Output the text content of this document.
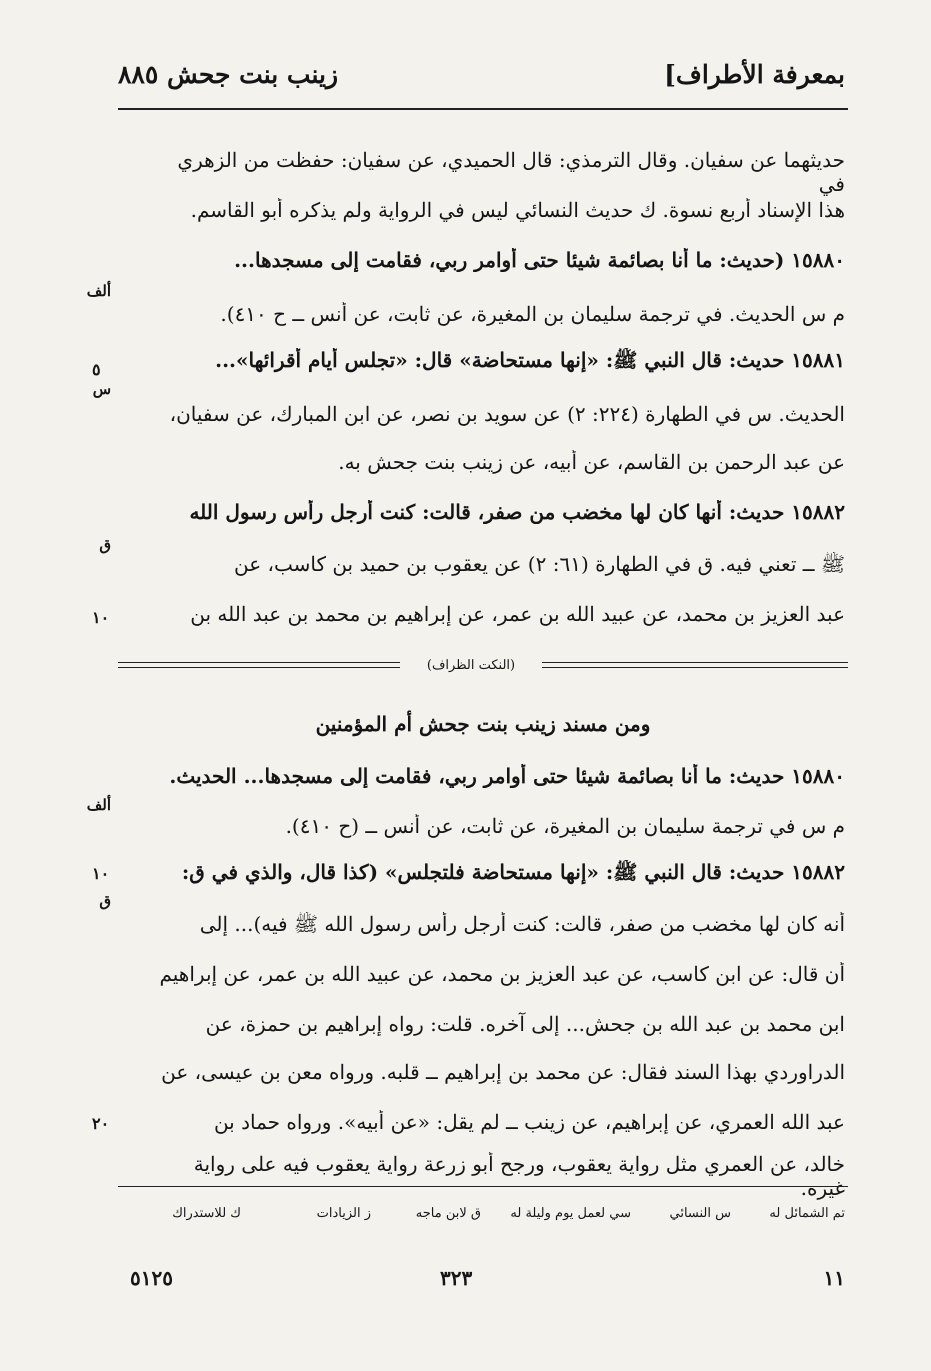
بمعرفة الأطراف]
زينب بنت جحش ٨٨٥
حديثهما عن سفيان. وقال الترمذي: قال الحميدي، عن سفيان: حفظت من الزهري في
هذا الإسناد أربع نسوة. ك حديث النسائي ليس في الرواية ولم يذكره أبو القاسم.
١٥٨٨٠ (حديث: ما أنا بصائمة شيئا حتى أوامر ربي، فقامت إلى مسجدها...
م س الحديث. في ترجمة سليمان بن المغيرة، عن ثابت، عن أنس ــ ح ٤١٠).
١٥٨٨١ حديث: قال النبي ﷺ: «إنها مستحاضة» قال: «تجلس أيام أقرائها»...
الحديث. س في الطهارة (٢٢٤: ٢) عن سويد بن نصر، عن ابن المبارك، عن سفيان،
عن عبد الرحمن بن القاسم، عن أبيه، عن زينب بنت جحش به.
١٥٨٨٢ حديث: أنها كان لها مخضب من صفر، قالت: كنت أرجل رأس رسول الله
ﷺ ــ تعني فيه. ق في الطهارة (٦١: ٢) عن يعقوب بن حميد بن كاسب، عن
عبد العزيز بن محمد، عن عبيد الله بن عمر، عن إبراهيم بن محمد بن عبد الله بن
ألف
س
ق
٥
١٠
(النكت الظراف)
ومن مسند زينب بنت جحش أم المؤمنين
١٥٨٨٠ حديث: ما أنا بصائمة شيئا حتى أوامر ربي، فقامت إلى مسجدها... الحديث.
م س في ترجمة سليمان بن المغيرة، عن ثابت، عن أنس ــ (ح ٤١٠).
١٥٨٨٢ حديث: قال النبي ﷺ: «إنها مستحاضة فلتجلس» (كذا قال، والذي في ق:
أنه كان لها مخضب من صفر، قالت: كنت أرجل رأس رسول الله ﷺ فيه)... إلى
أن قال: عن ابن كاسب، عن عبد العزيز بن محمد، عن عبيد الله بن عمر، عن إبراهيم
ابن محمد بن عبد الله بن جحش... إلى آخره. قلت: رواه إبراهيم بن حمزة، عن
الدراوردي بهذا السند فقال: عن محمد بن إبراهيم ــ قلبه. ورواه معن بن عيسى، عن
عبد الله العمري، عن إبراهيم، عن زينب ــ لم يقل: «عن أبيه». ورواه حماد بن
خالد، عن العمري مثل رواية يعقوب، ورجح أبو زرعة رواية يعقوب فيه على رواية غيره.
ألف
ق
١٠
٢٠
تم الشمائل له
س النسائي
سي لعمل يوم وليلة له
ق لابن ماجه
ز الزيادات
ك للاستدراك
١١
٣٢٣
٥١٢٥
